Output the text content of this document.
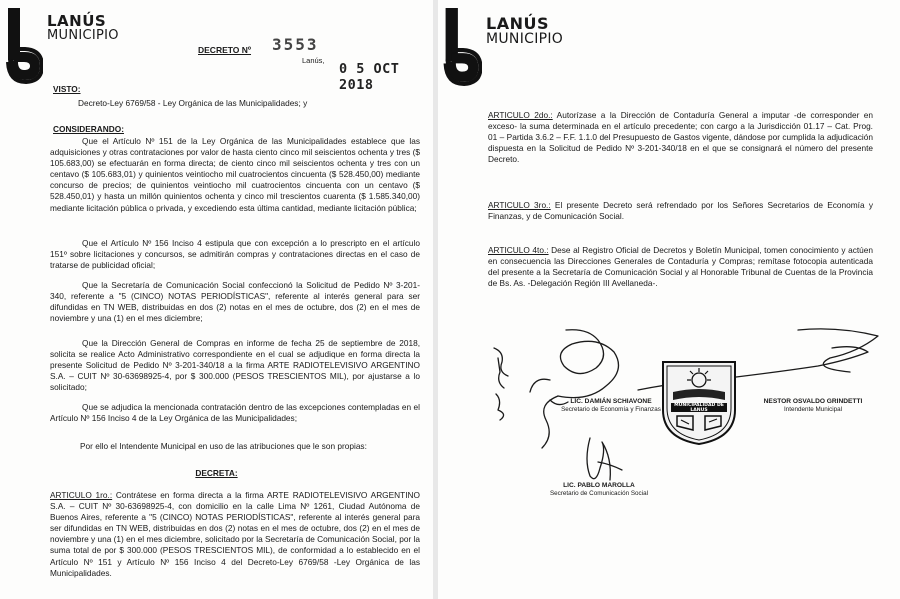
LANÚS
MUNICIPIO
DECRETO Nº 3553
Lanús,
0 5 OCT 2018
VISTO:
Decreto-Ley 6769/58 - Ley Orgánica de las Municipalidades; y
CONSIDERANDO:
Que el Artículo Nº 151 de la Ley Orgánica de las Municipalidades establece que las adquisiciones y otras contrataciones por valor de hasta ciento cinco mil seiscientos ochenta y tres ($ 105.683,00) se efectuarán en forma directa; de ciento cinco mil seiscientos ochenta y tres con un centavo ($ 105.683,01) y quinientos veintiocho mil cuatrocientos cincuenta ($ 528.450,00) mediante concurso de precios; de quinientos veintiocho mil cuatrocientos cincuenta con un centavo ($ 528.450,01) y hasta un millón quinientos ochenta y cinco mil trescientos cuarenta ($ 1.585.340,00) mediante licitación pública o privada, y excediendo esta última cantidad, mediante licitación pública;
Que el Artículo Nº 156 Inciso 4 estipula que con excepción a lo prescripto en el artículo 151º sobre licitaciones y concursos, se admitirán compras y contrataciones directas en el caso de tratarse de publicidad oficial;
Que la Secretaría de Comunicación Social confeccionó la Solicitud de Pedido Nº 3-201-340, referente a "5 (CINCO) NOTAS PERIODÍSTICAS", referente al interés general para ser difundidas en TN WEB, distribuidas en dos (2) notas en el mes de octubre, dos (2) en el mes de noviembre y una (1) en el mes diciembre;
Que la Dirección General de Compras en informe de fecha 25 de septiembre de 2018, solicita se realice Acto Administrativo correspondiente en el cual se adjudique en forma directa la presente Solicitud de Pedido Nº 3-201-340/18 a la firma ARTE RADIOTELEVISIVO ARGENTINO S.A. – CUIT Nº 30-63698925-4, por $ 300.000 (PESOS TRESCIENTOS MIL), por ajustarse a lo solicitado;
Que se adjudica la mencionada contratación dentro de las excepciones contempladas en el Artículo Nº 156 Inciso 4 de la Ley Orgánica de las Municipalidades;
Por ello el Intendente Municipal en uso de las atribuciones que le son propias:
DECRETA:
ARTICULO 1ro.: Contrátese en forma directa a la firma ARTE RADIOTELEVISIVO ARGENTINO S.A. – CUIT Nº 30-63698925-4, con domicilio en la calle Lima Nº 1261, Ciudad Autónoma de Buenos Aires, referente a "5 (CINCO) NOTAS PERIODÍSTICAS", referente al interés general para ser difundidas en TN WEB, distribuidas en dos (2) notas en el mes de octubre, dos (2) en el mes de noviembre y una (1) en el mes diciembre, solicitado por la Secretaría de Comunicación Social, por la suma total de por $ 300.000 (PESOS TRESCIENTOS MIL), de conformidad a lo establecido en el Artículo Nº 151 y Artículo Nº 156 Inciso 4 del Decreto-Ley 6769/58 -Ley Orgánica de las Municipalidades.
LANÚS
MUNICIPIO
ARTICULO 2do.: Autorízase a la Dirección de Contaduría General a imputar -de corresponder en exceso- la suma determinada en el artículo precedente; con cargo a la Jurisdicción 01.17 – Cat. Prog. 01 – Partida 3.6.2 – F.F. 1.1.0 del Presupuesto de Gastos vigente, dándose por cumplida la adjudicación dispuesta en la Solicitud de Pedido Nº 3-201-340/18 en el que se consignará el número del presente Decreto.
ARTICULO 3ro.: El presente Decreto será refrendado por los Señores Secretarios de Economía y Finanzas, y de Comunicación Social.
ARTICULO 4to.: Dese al Registro Oficial de Decretos y Boletín Municipal, tomen conocimiento y actúen en consecuencia las Direcciones Generales de Contaduría y Compras; remítase fotocopia autenticada del presente a la Secretaría de Comunicación Social y al Honorable Tribunal de Cuentas de la Provincia de Bs. As. -Delegación Región III Avellaneda-.
MUNICIPALIDAD DE LANUS
LIC. DAMIÁN SCHIAVONE
Secretario de Economía y Finanzas
NESTOR OSVALDO GRINDETTI
Intendente Municipal
LIC. PABLO MAROLLA
Secretario de Comunicación Social
